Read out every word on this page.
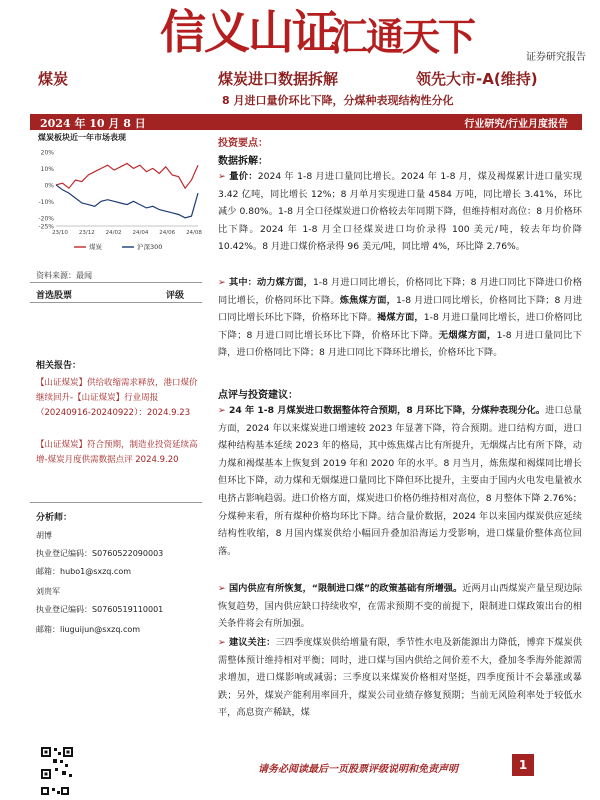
信义山证
汇通天下	证券研究报告
煤炭	煤炭进口数据拆解	领先大市-A(维持)
8 月进口量价环比下降，分煤种表现结构性分化
2024 年 10 月 8 日	行业研究/行业月度报告
煤炭板块近一年市场表现
20%
10%
0%
-10%
-20%
-25%
23/10 23/12 24/02 24/04 24/06 24/08
煤炭	沪深300
资料来源：最闻
首选股票	评级
相关报告：
【山证煤炭】供给收缩需求释放，港口煤价继续回升-【山证煤炭】行业周报（20240916-20240922）：2024.9.23
【山证煤炭】符合预期，制造业投资延续高增-煤炭月度供需数据点评 2024.9.20
分析师：
胡博
执业登记编码：S0760522090003
邮箱：hubo1@sxzq.com
刘贵军
执业登记编码：S0760519110001
邮箱：liuguijun@sxzq.com
投资要点：
数据拆解：
➢ 量价：2024 年 1-8 月进口量同比增长。2024 年 1-8 月，煤及褐煤累计进口量实现 3.42 亿吨，同比增长 12%；8 月单月实现进口量 4584 万吨，同比增长 3.41%，环比减少 0.80%。1-8 月全口径煤炭进口价格较去年同期下降，但维持相对高位：8 月价格环比下降。2024 年 1-8 月全口径煤炭进口均价录得 100 美元/吨，较去年均价降 10.42%。8 月进口煤价格录得 96 美元/吨，同比增 4%，环比降 2.76%。
➢ 其中：动力煤方面，1-8 月进口同比增长，价格同比下降；8 月进口同比下降进口价格同比增长，价格同环比下降。炼焦煤方面，1-8 月进口同比增长，价格同比下降；8 月进口同比增长环比下降，价格环比下降。褐煤方面，1-8 月进口量同比增长，进口价格同比下降；8 月进口同比增长环比下降，价格环比下降。无烟煤方面，1-8 月进口量同比下降，进口价格同比下降；8 月进口同比下降环比增长，价格环比下降。
点评与投资建议：
➢ 24 年 1-8 月煤炭进口数据整体符合预期，8 月环比下降，分煤种表现分化。进口总量方面，2024 年以来煤炭进口增速较 2023 年显著下降，符合预期。进口结构方面，进口煤种结构基本延续 2023 年的格局，其中炼焦煤占比有所提升，无烟煤占比有所下降，动力煤和褐煤基本上恢复到 2019 年和 2020 年的水平。8 月当月，炼焦煤和褐煤同比增长但环比下降，动力煤和无烟煤进口量同比下降但环比提升，主要由于国内火电发电量被水电挤占影响趋弱。进口价格方面，煤炭进口价格仍维持相对高位，8 月整体下降 2.76%；分煤种来看，所有煤种价格均环比下降。结合量价数据，2024 年以来国内煤炭供应延续结构性收缩，8 月国内煤炭供给小幅回升叠加沿海运力受影响，进口煤量价整体高位回落。
➢ 国内供应有所恢复，“限制进口煤”的政策基础有所增强。近两月山西煤炭产量呈现边际恢复趋势，国内供应缺口持续收窄，在需求预期不变的前提下，限制进口煤政策出台的相关条件将会有所加强。
➢ 建议关注：三四季度煤炭供给增量有限，季节性水电及新能源出力降低，博弈下煤炭供需整体预计维持相对平衡；同时，进口煤与国内供给之间价差不大，叠加冬季海外能源需求增加，进口煤影响或减弱；三季度以来煤炭价格相对坚挺，四季度预计不会暴涨或暴跌；另外，煤炭产能利用率回升，煤炭公司业绩存修复预期；当前无风险利率处于较低水平，高息资产稀缺，煤
请务必阅读最后一页股票评级说明和免责声明	1
